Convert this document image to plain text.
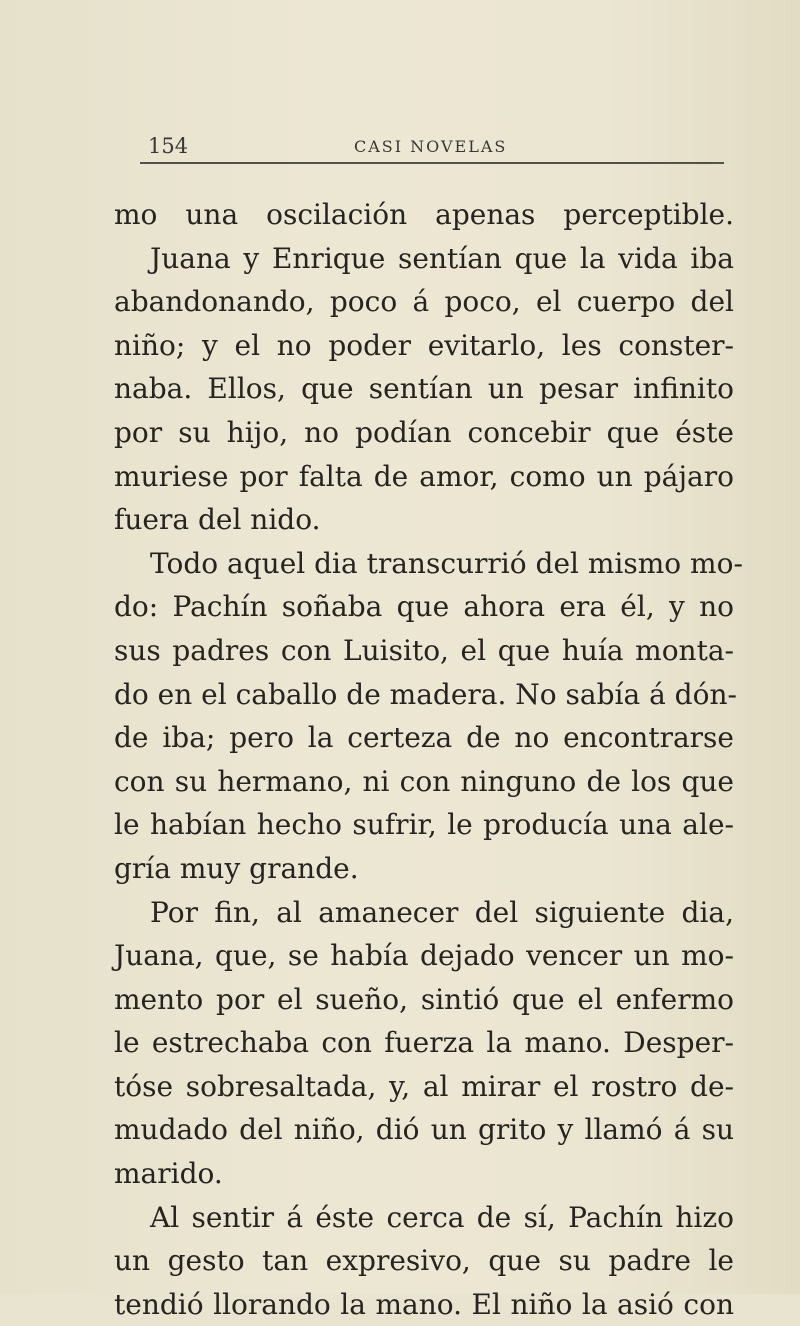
154	CASI NOVELAS
mo una oscilación apenas perceptible.
Juana y Enrique sentían que la vida iba
abandonando, poco á poco, el cuerpo del
niño; y el no poder evitarlo, les conster-
naba. Ellos, que sentían un pesar infinito
por su hijo, no podían concebir que éste
muriese por falta de amor, como un pájaro
fuera del nido.
Todo aquel dia transcurrió del mismo mo-
do: Pachín soñaba que ahora era él, y no
sus padres con Luisito, el que huía monta-
do en el caballo de madera. No sabía á dón-
de iba; pero la certeza de no encontrarse
con su hermano, ni con ninguno de los que
le habían hecho sufrir, le producía una ale-
gría muy grande.
Por fin, al amanecer del siguiente dia,
Juana, que, se había dejado vencer un mo-
mento por el sueño, sintió que el enfermo
le estrechaba con fuerza la mano. Desper-
tóse sobresaltada, y, al mirar el rostro de-
mudado del niño, dió un grito y llamó á su
marido.
Al sentir á éste cerca de sí, Pachín hizo
un gesto tan expresivo, que su padre le
tendió llorando la mano. El niño la asió con
